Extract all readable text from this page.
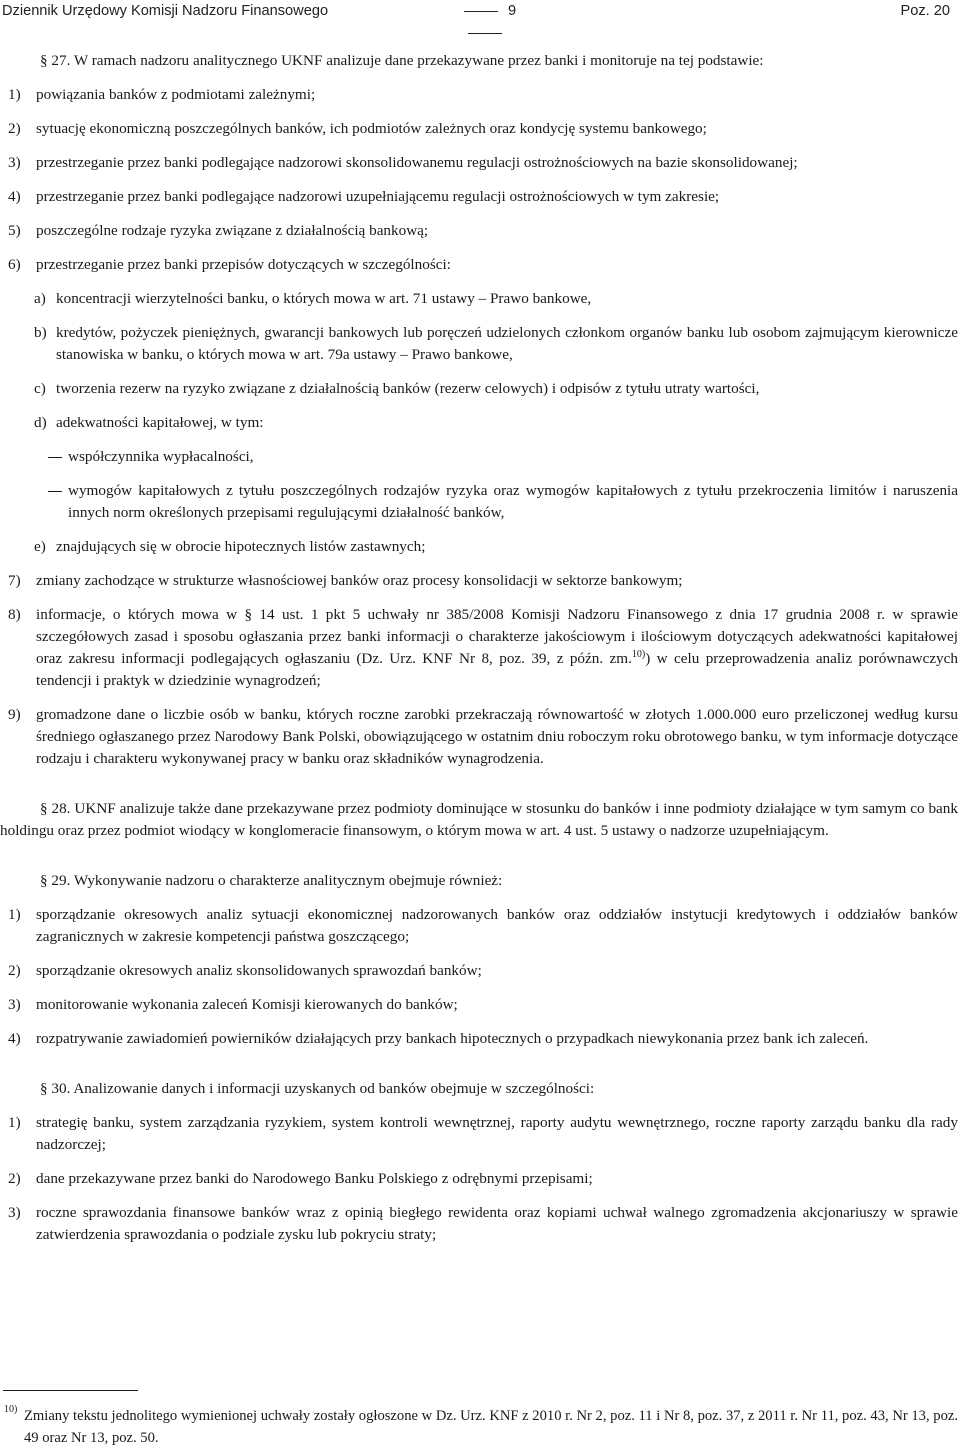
Dziennik Urzędowy Komisji Nadzoru Finansowego	9	Poz. 20
§ 27. W ramach nadzoru analitycznego UKNF analizuje dane przekazywane przez banki i monitoruje na tej podstawie:
1) powiązania banków z podmiotami zależnymi;
2) sytuację ekonomiczną poszczególnych banków, ich podmiotów zależnych oraz kondycję systemu bankowego;
3) przestrzeganie przez banki podlegające nadzorowi skonsolidowanemu regulacji ostrożnościowych na bazie skonsolidowanej;
4) przestrzeganie przez banki podlegające nadzorowi uzupełniającemu regulacji ostrożnościowych w tym zakresie;
5) poszczególne rodzaje ryzyka związane z działalnością bankową;
6) przestrzeganie przez banki przepisów dotyczących w szczególności:
a) koncentracji wierzytelności banku, o których mowa w art. 71 ustawy – Prawo bankowe,
b) kredytów, pożyczek pieniężnych, gwarancji bankowych lub poręczeń udzielonych członkom organów banku lub osobom zajmującym kierownicze stanowiska w banku, o których mowa w art. 79a ustawy – Prawo bankowe,
c) tworzenia rezerw na ryzyko związane z działalnością banków (rezerw celowych) i odpisów z tytułu utraty wartości,
d) adekwatności kapitałowej, w tym:
współczynnika wypłacalności,
wymogów kapitałowych z tytułu poszczególnych rodzajów ryzyka oraz wymogów kapitałowych z tytułu przekroczenia limitów i naruszenia innych norm określonych przepisami regulującymi działalność banków,
e) znajdujących się w obrocie hipotecznych listów zastawnych;
7) zmiany zachodzące w strukturze własnościowej banków oraz procesy konsolidacji w sektorze bankowym;
8) informacje, o których mowa w § 14 ust. 1 pkt 5 uchwały nr 385/2008 Komisji Nadzoru Finansowego z dnia 17 grudnia 2008 r. w sprawie szczegółowych zasad i sposobu ogłaszania przez banki informacji o charakterze jakościowym i ilościowym dotyczących adekwatności kapitałowej oraz zakresu informacji podlegających ogłaszaniu (Dz. Urz. KNF Nr 8, poz. 39, z późn. zm.$^{10)}$) w celu przeprowadzenia analiz porównawczych tendencji i praktyk w dziedzinie wynagrodzeń;
9) gromadzone dane o liczbie osób w banku, których roczne zarobki przekraczają równowartość w złotych 1.000.000 euro przeliczonej według kursu średniego ogłaszanego przez Narodowy Bank Polski, obowiązującego w ostatnim dniu roboczym roku obrotowego banku, w tym informacje dotyczące rodzaju i charakteru wykonywanej pracy w banku oraz składników wynagrodzenia.
§ 28. UKNF analizuje także dane przekazywane przez podmioty dominujące w stosunku do banków i inne podmioty działające w tym samym co bank holdingu oraz przez podmiot wiodący w konglomeracie finansowym, o którym mowa w art. 4 ust. 5 ustawy o nadzorze uzupełniającym.
§ 29. Wykonywanie nadzoru o charakterze analitycznym obejmuje również:
1) sporządzanie okresowych analiz sytuacji ekonomicznej nadzorowanych banków oraz oddziałów instytucji kredytowych i oddziałów banków zagranicznych w zakresie kompetencji państwa goszczącego;
2) sporządzanie okresowych analiz skonsolidowanych sprawozdań banków;
3) monitorowanie wykonania zaleceń Komisji kierowanych do banków;
4) rozpatrywanie zawiadomień powierników działających przy bankach hipotecznych o przypadkach niewykonania przez bank ich zaleceń.
§ 30. Analizowanie danych i informacji uzyskanych od banków obejmuje w szczególności:
1) strategię banku, system zarządzania ryzykiem, system kontroli wewnętrznej, raporty audytu wewnętrznego, roczne raporty zarządu banku dla rady nadzorczej;
2) dane przekazywane przez banki do Narodowego Banku Polskiego z odrębnymi przepisami;
3) roczne sprawozdania finansowe banków wraz z opinią biegłego rewidenta oraz kopiami uchwał walnego zgromadzenia akcjonariuszy w sprawie zatwierdzenia sprawozdania o podziale zysku lub pokryciu straty;
10) Zmiany tekstu jednolitego wymienionej uchwały zostały ogłoszone w Dz. Urz. KNF z 2010 r. Nr 2, poz. 11 i Nr 8, poz. 37, z 2011 r. Nr 11, poz. 43, Nr 13, poz. 49 oraz Nr 13, poz. 50.
